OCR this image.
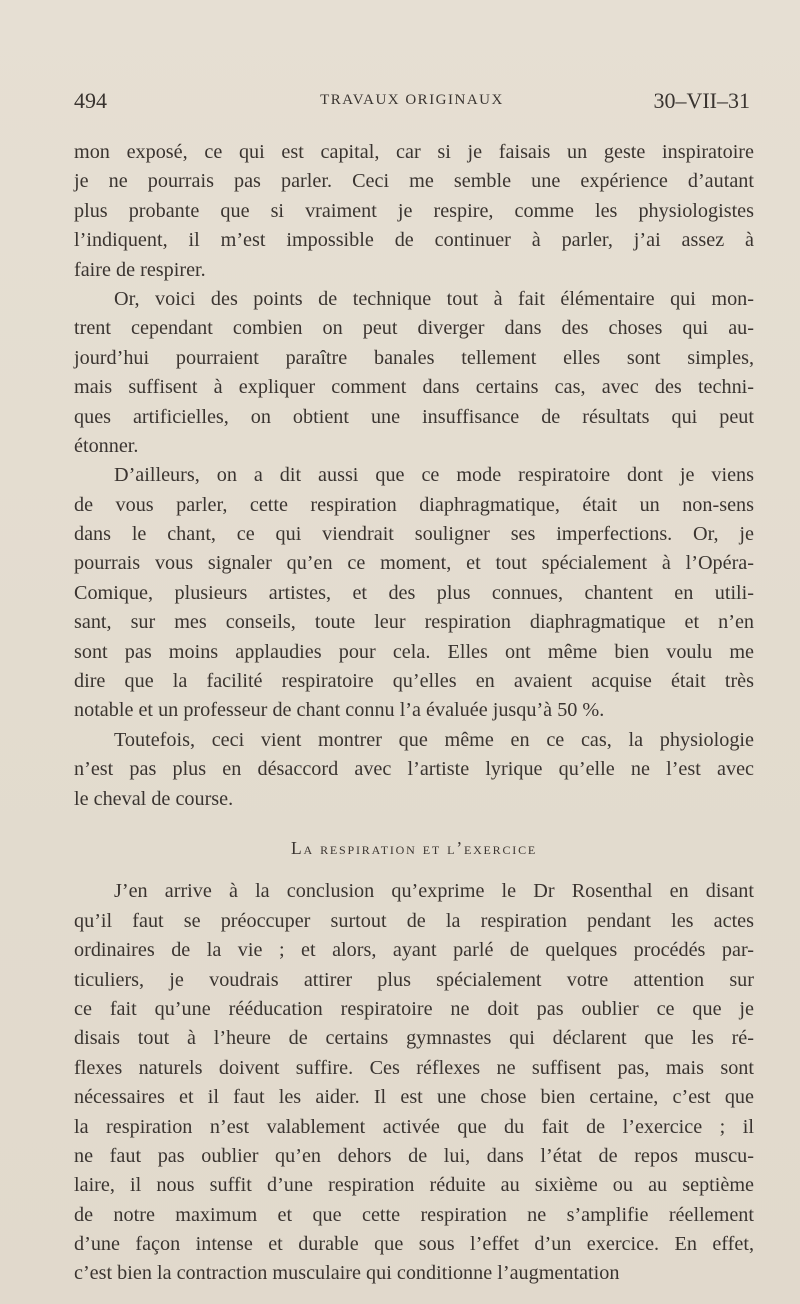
494	TRAVAUX ORIGINAUX	30–VII–31
mon exposé, ce qui est capital, car si je faisais un geste inspiratoire
je ne pourrais pas parler. Ceci me semble une expérience d’autant
plus probante que si vraiment je respire, comme les physiologistes
l’indiquent, il m’est impossible de continuer à parler, j’ai assez à
faire de respirer.
Or, voici des points de technique tout à fait élémentaire qui mon-
trent cependant combien on peut diverger dans des choses qui au-
jourd’hui pourraient paraître banales tellement elles sont simples,
mais suffisent à expliquer comment dans certains cas, avec des techni-
ques artificielles, on obtient une insuffisance de résultats qui peut
étonner.
D’ailleurs, on a dit aussi que ce mode respiratoire dont je viens
de vous parler, cette respiration diaphragmatique, était un non-sens
dans le chant, ce qui viendrait souligner ses imperfections. Or, je
pourrais vous signaler qu’en ce moment, et tout spécialement à l’Opéra-
Comique, plusieurs artistes, et des plus connues, chantent en utili-
sant, sur mes conseils, toute leur respiration diaphragmatique et n’en
sont pas moins applaudies pour cela. Elles ont même bien voulu me
dire que la facilité respiratoire qu’elles en avaient acquise était très
notable et un professeur de chant connu l’a évaluée jusqu’à 50 %.
Toutefois, ceci vient montrer que même en ce cas, la physiologie
n’est pas plus en désaccord avec l’artiste lyrique qu’elle ne l’est avec
le cheval de course.
La respiration et l’exercice
J’en arrive à la conclusion qu’exprime le Dr Rosenthal en disant
qu’il faut se préoccuper surtout de la respiration pendant les actes
ordinaires de la vie ; et alors, ayant parlé de quelques procédés par-
ticuliers, je voudrais attirer plus spécialement votre attention sur
ce fait qu’une rééducation respiratoire ne doit pas oublier ce que je
disais tout à l’heure de certains gymnastes qui déclarent que les ré-
flexes naturels doivent suffire. Ces réflexes ne suffisent pas, mais sont
nécessaires et il faut les aider. Il est une chose bien certaine, c’est que
la respiration n’est valablement activée que du fait de l’exercice ; il
ne faut pas oublier qu’en dehors de lui, dans l’état de repos muscu-
laire, il nous suffit d’une respiration réduite au sixième ou au septième
de notre maximum et que cette respiration ne s’amplifie réellement
d’une façon intense et durable que sous l’effet d’un exercice. En effet,
c’est bien la contraction musculaire qui conditionne l’augmentation
